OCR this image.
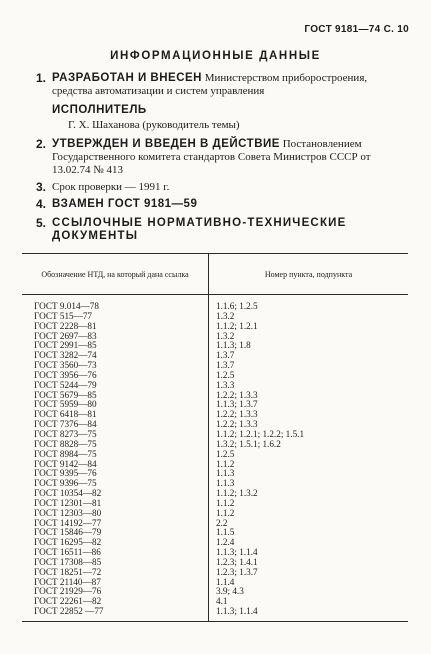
ГОСТ 9181—74 С. 10
ИНФОРМАЦИОННЫЕ ДАННЫЕ
1. РАЗРАБОТАН И ВНЕСЕН Министерством приборостроения, средства автоматизации и систем управления
ИСПОЛНИТЕЛЬ
Г. Х. Шаханова (руководитель темы)
2. УТВЕРЖДЕН И ВВЕДЕН В ДЕЙСТВИЕ Постановлением Государственного комитета стандартов Совета Министров СССР от 13.02.74 № 413
3. Срок проверки — 1991 г.
4. ВЗАМЕН ГОСТ 9181—59
5. ССЫЛОЧНЫЕ НОРМАТИВНО-ТЕХНИЧЕСКИЕ ДОКУМЕНТЫ
Обозначение НТД, на который дана ссылка	Номер пункта, подпункта
ГОСТ 9.014—78	1.1.6; 1.2.5
ГОСТ 515—77	1.3.2
ГОСТ 2228—81	1.1.2; 1.2.1
ГОСТ 2697—83	1.3.2
ГОСТ 2991—85	1.1.3; 1.8
ГОСТ 3282—74	1.3.7
ГОСТ 3560—73	1.3.7
ГОСТ 3956—76	1.2.5
ГОСТ 5244—79	1.3.3
ГОСТ 5679—85	1.2.2; 1.3.3
ГОСТ 5959—80	1.1.3; 1.3.7
ГОСТ 6418—81	1.2.2; 1.3.3
ГОСТ 7376—84	1.2.2; 1.3.3
ГОСТ 8273—75	1.1.2; 1.2.1; 1.2.2; 1.5.1
ГОСТ 8828—75	1.3.2; 1.5.1; 1.6.2
ГОСТ 8984—75	1.2.5
ГОСТ 9142—84	1.1.2
ГОСТ 9395—76	1.1.3
ГОСТ 9396—75	1.1.3
ГОСТ 10354—82	1.1.2; 1.3.2
ГОСТ 12301—81	1.1.2
ГОСТ 12303—80	1.1.2
ГОСТ 14192—77	2.2
ГОСТ 15846—79	1.1.5
ГОСТ 16295—82	1.2.4
ГОСТ 16511—86	1.1.3; 1.1.4
ГОСТ 17308—85	1.2.3; 1.4.1
ГОСТ 18251—72	1.2.3; 1.3.7
ГОСТ 21140—87	1.1.4
ГОСТ 21929—76	3.9; 4.3
ГОСТ 22261—82	4.1
ГОСТ 22852 —77	1.1.3; 1.1.4
